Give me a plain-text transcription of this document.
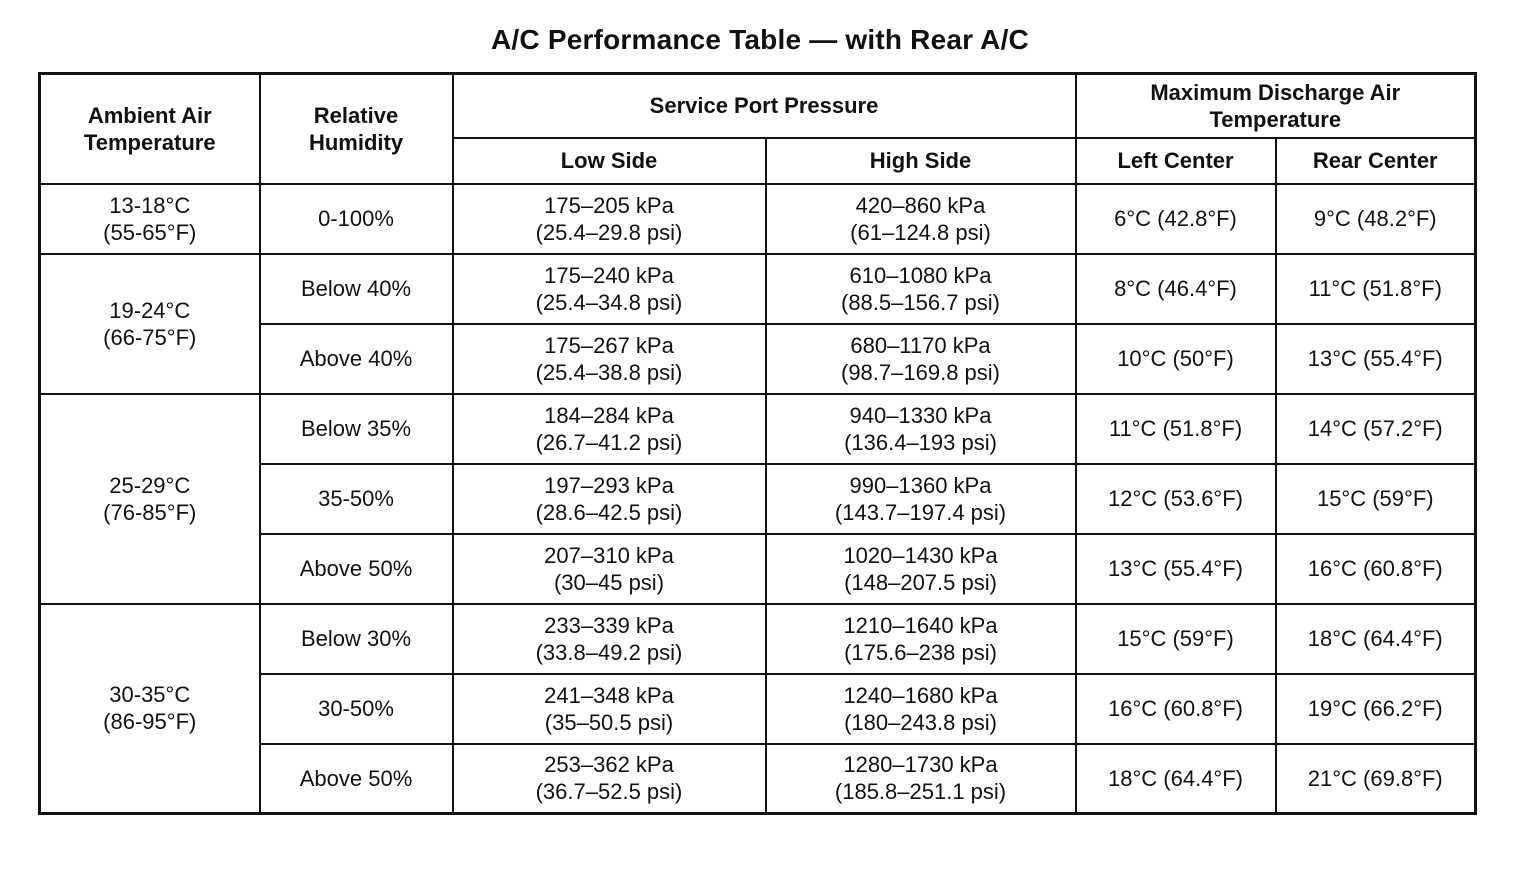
A/C Performance Table — with Rear A/C
Ambient Air
Temperature	Relative
Humidity	Service Port Pressure		Maximum Discharge Air
Temperature	

		Low Side	High Side	Left Center	Rear Center

13-18°C
(55-65°F)	0-100%	175–205 kPa
(25.4–29.8 psi)	420–860 kPa
(61–124.8 psi)	6°C (42.8°F)	9°C (48.2°F)

19-24°C
(66-75°F)	Below 40%	175–240 kPa
(25.4–34.8 psi)	610–1080 kPa
(88.5–156.7 psi)	8°C (46.4°F)	11°C (51.8°F)
	Above 40%	175–267 kPa
(25.4–38.8 psi)	680–1170 kPa
(98.7–169.8 psi)	10°C (50°F)	13°C (55.4°F)

25-29°C
(76-85°F)	Below 35%	184–284 kPa
(26.7–41.2 psi)	940–1330 kPa
(136.4–193 psi)	11°C (51.8°F)	14°C (57.2°F)
	35-50%	197–293 kPa
(28.6–42.5 psi)	990–1360 kPa
(143.7–197.4 psi)	12°C (53.6°F)	15°C (59°F)
	Above 50%	207–310 kPa
(30–45 psi)	1020–1430 kPa
(148–207.5 psi)	13°C (55.4°F)	16°C (60.8°F)

30-35°C
(86-95°F)	Below 30%	233–339 kPa
(33.8–49.2 psi)	1210–1640 kPa
(175.6–238 psi)	15°C (59°F)	18°C (64.4°F)
	30-50%	241–348 kPa
(35–50.5 psi)	1240–1680 kPa
(180–243.8 psi)	16°C (60.8°F)	19°C (66.2°F)
	Above 50%	253–362 kPa
(36.7–52.5 psi)	1280–1730 kPa
(185.8–251.1 psi)	18°C (64.4°F)	21°C (69.8°F)
